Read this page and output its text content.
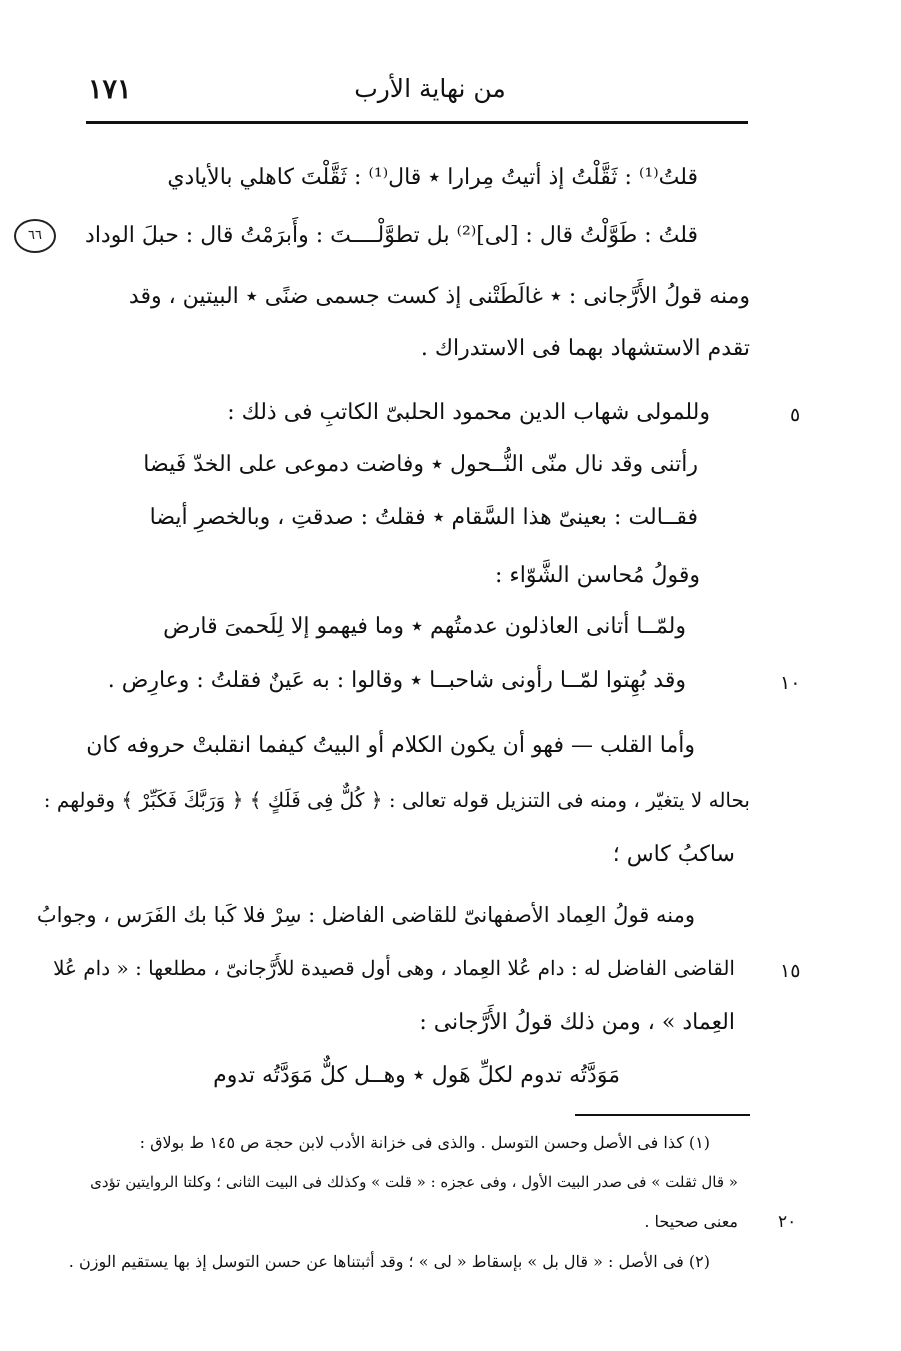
من نهاية الأرب
١٧١
٦٦
قلتُ⁽¹⁾ : ثَقَّلْتُ إذ أتيتُ مِرارا ٭ قال⁽¹⁾ : ثَقَّلْتَ كاهلي بالأيادي
قلتُ : طَوَّلْتُ قال : [لى]⁽²⁾ بل تطوَّلْــــتَ : وأَبرَمْتُ قال : حبلَ الوداد
ومنه قولُ الأَرَّجانى : ٭ غالَطَتْنى إذ كست جسمى ضنًى ٭ البيتين ، وقد
تقدم الاستشهاد بهما فى الاستدراك .
وللمولى شهاب الدين محمود الحلبىّ الكاتبِ فى ذلك :	٥
رأتنى وقد نال منّى النُّــحول ٭ وفاضت دموعى على الخدّ فَيضا
فقــالت : بعينىّ هذا السَّقام ٭ فقلتُ : صدقتِ ، وبالخصرِ أيضا
وقولُ مُحاسن الشَّوّاء :
ولمّــا أتانى العاذلون عدمتُهم ٭ وما فيهمو إلا لِلَحمىَ قارض
وقد بُهِتوا لمّــا رأونى شاحبــا ٭ وقالوا : به عَينٌ فقلتُ : وعارِض .	١٠
وأما القلب — فهو أن يكون الكلام أو البيتُ كيفما انقلبتْ حروفه كان
بحاله لا يتغيّر ، ومنه فى التنزيل قوله تعالى : ﴿ كُلٌّ فِى فَلَكٍ ﴾ ﴿ وَرَبَّكَ فَكَبِّرْ ﴾ وقولهم :
ساكبُ كاس ؛
ومنه قولُ العِماد الأصفهانىّ للقاضى الفاضل : سِرْ فلا كَبا بك الفَرَس ، وجوابُ
القاضى الفاضل له : دام عُلا العِماد ، وهى أول قصيدة للأَرَّجانىّ ، مطلعها : « دام عُلا ١٥
العِماد » ، ومن ذلك قولُ الأَرَّجانى :
مَوَدَّتُه تدوم لكلِّ هَول ٭ وهــل كلٌّ مَوَدَّتُه تدوم
(١) كذا فى الأصل وحسن التوسل . والذى فى خزانة الأدب لابن حجة ص ١٤٥ ط بولاق :
« قال ثقلت » فى صدر البيت الأول ، وفى عجزه : « قلت » وكذلك فى البيت الثانى ؛ وكلتا الروايتين تؤدى
معنى صحيحا . ٢٠
(٢) فى الأصل : « قال بل » بإسقاط « لى » ؛ وقد أثبتناها عن حسن التوسل إذ بها يستقيم الوزن .
